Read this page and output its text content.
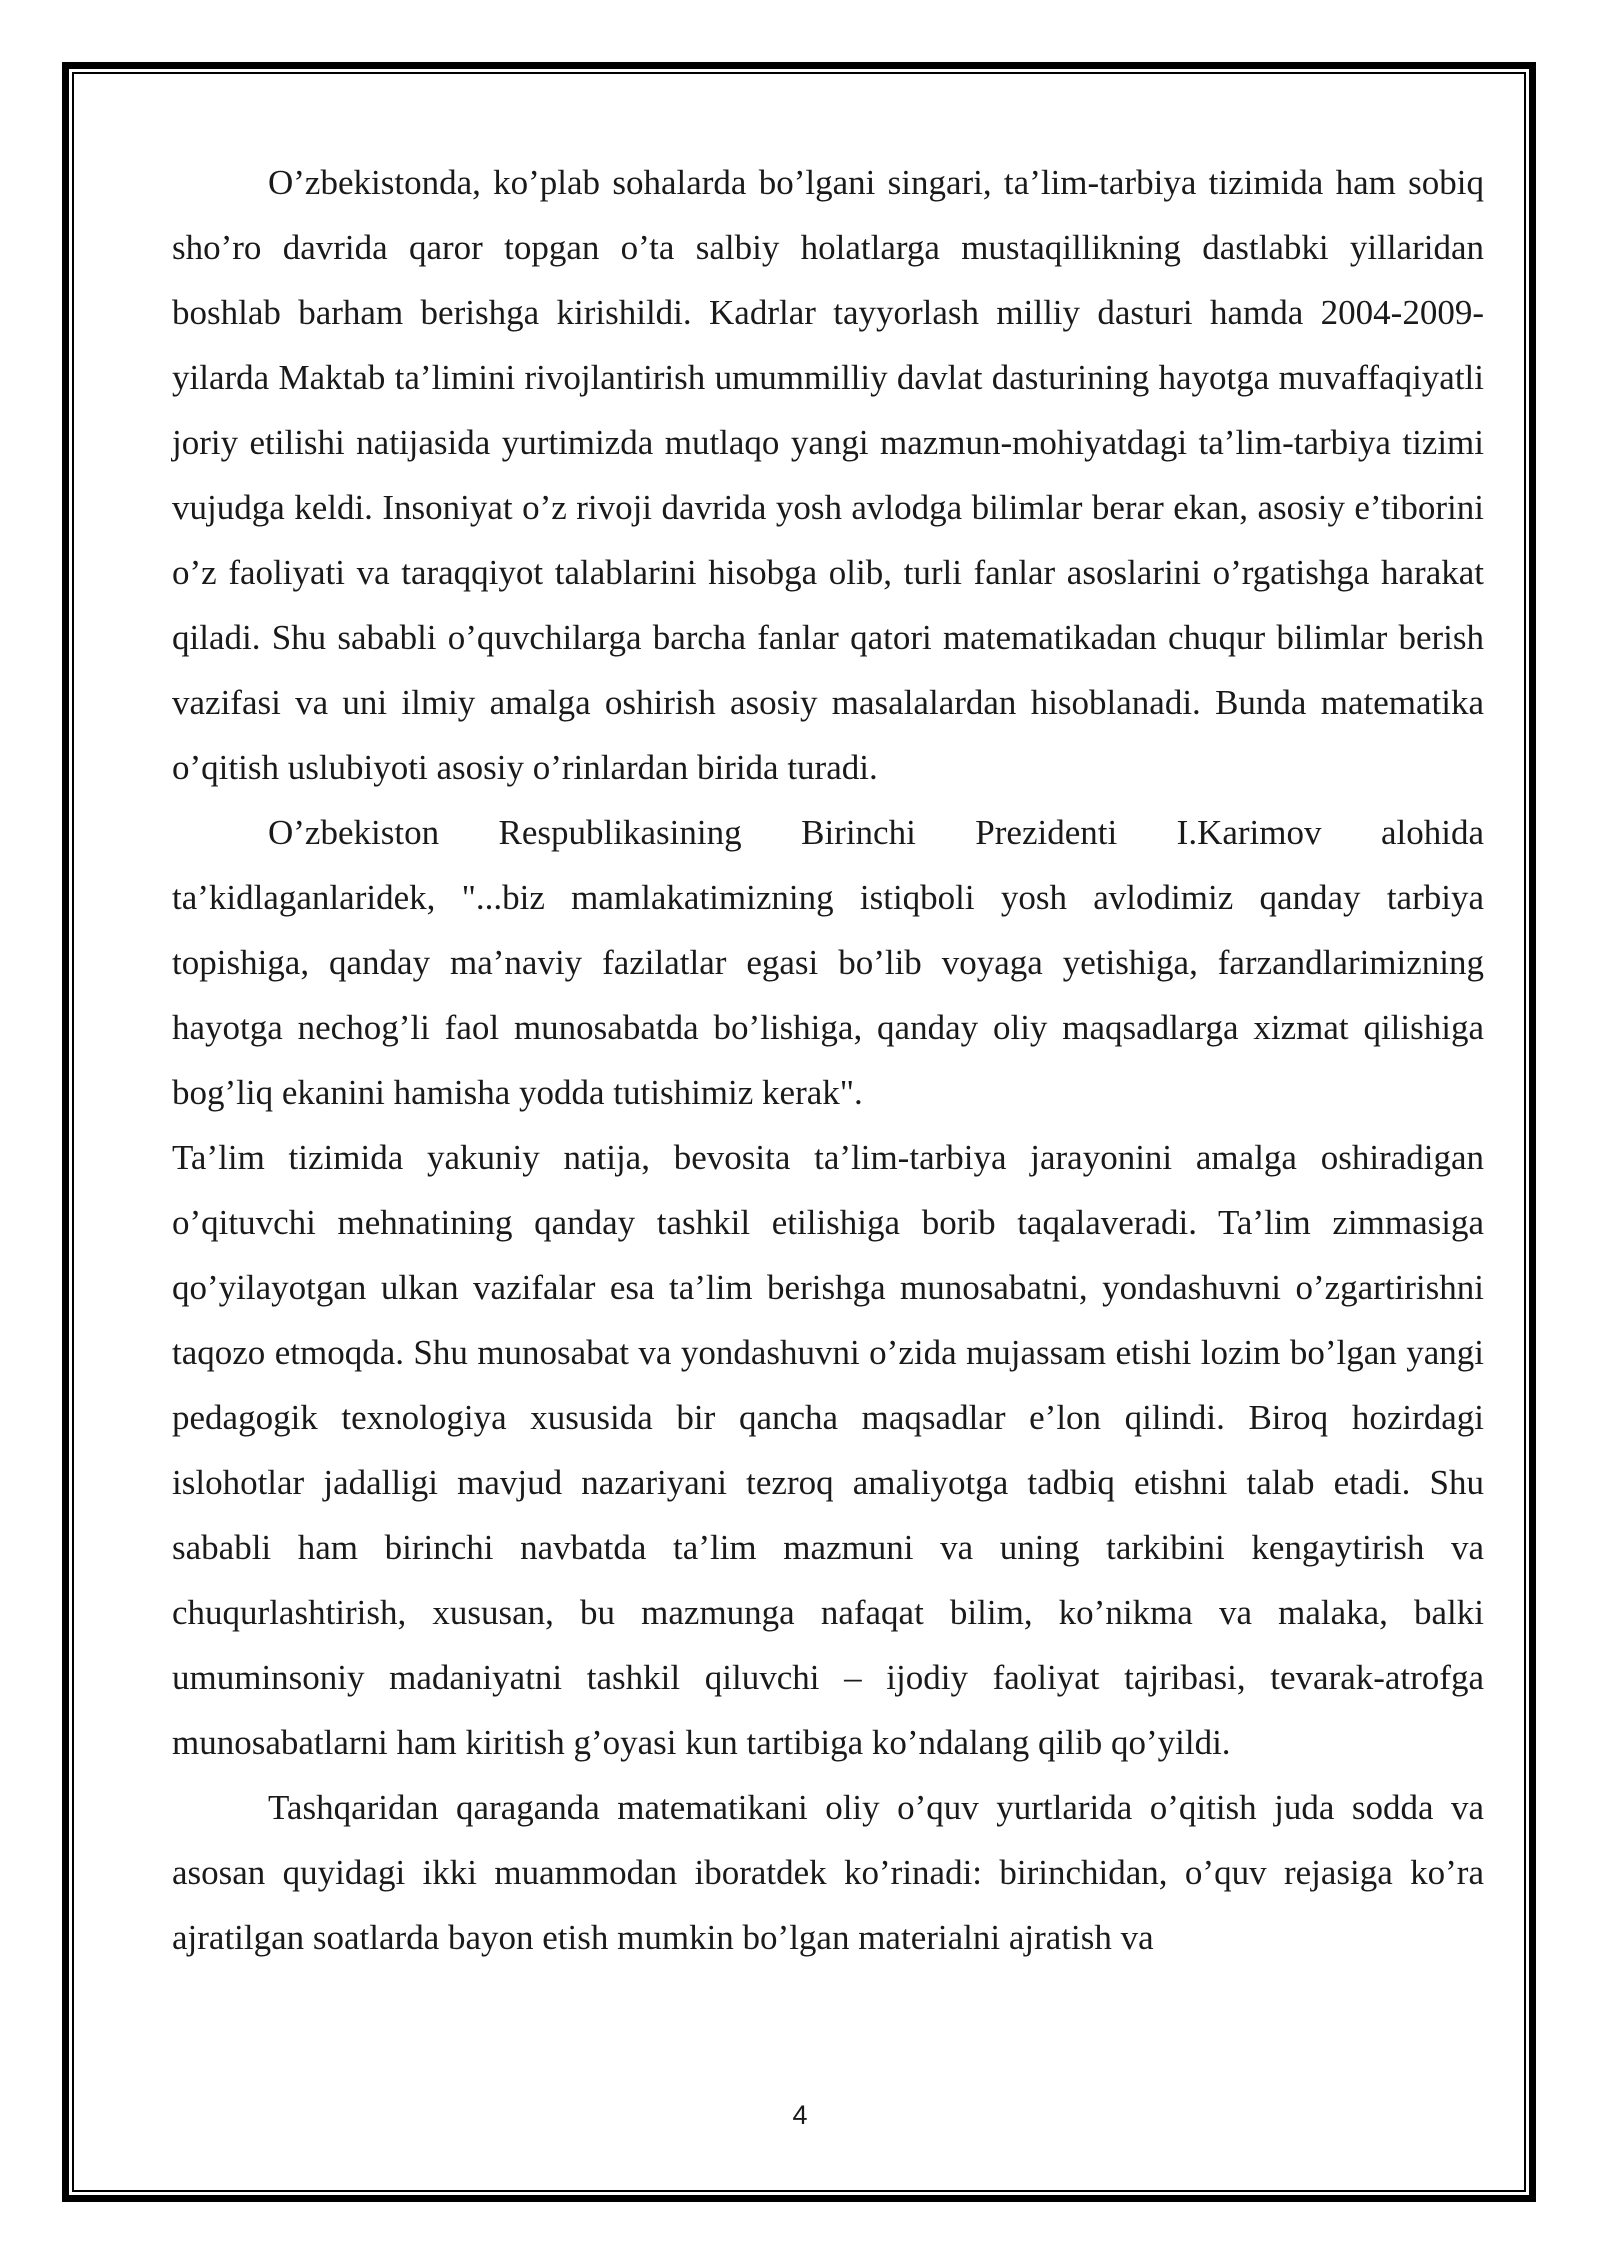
O’zbekistonda, ko’plab sohalarda bo’lgani singari, ta’lim-tarbiya tizimida ham sobiq sho’ro davrida qaror topgan o’ta salbiy holatlarga mustaqillikning dastlabki yillaridan boshlab barham berishga kirishildi. Kadrlar tayyorlash milliy dasturi hamda 2004-2009-yilarda Maktab ta’limini rivojlantirish umummilliy davlat dasturining hayotga muvaffaqiyatli joriy etilishi natijasida yurtimizda mutlaqo yangi mazmun-mohiyatdagi ta’lim-tarbiya tizimi vujudga keldi. Insoniyat o’z rivoji davrida yosh avlodga bilimlar berar ekan, asosiy e’tiborini o’z faoliyati va taraqqiyot talablarini hisobga olib, turli fanlar asoslarini o’rgatishga harakat qiladi. Shu sababli o’quvchilarga barcha fanlar qatori matematikadan chuqur bilimlar berish vazifasi va uni ilmiy amalga oshirish asosiy masalalardan hisoblanadi. Bunda matematika o’qitish uslubiyoti asosiy o’rinlardan birida turadi.

O’zbekiston Respublikasining Birinchi Prezidenti I.Karimov alohida ta’kidlaganlaridek, "...biz mamlakatimizning istiqboli yosh avlodimiz qanday tarbiya topishiga, qanday ma’naviy fazilatlar egasi bo’lib voyaga yetishiga, farzandlarimizning hayotga nechog’li faol munosabatda bo’lishiga, qanday oliy maqsadlarga xizmat qilishiga bog’liq ekanini hamisha yodda tutishimiz kerak".

Ta’lim tizimida yakuniy natija, bevosita ta’lim-tarbiya jarayonini amalga oshiradigan o’qituvchi mehnatining qanday tashkil etilishiga borib taqalaveradi. Ta’lim zimmasiga qo’yilayotgan ulkan vazifalar esa ta’lim berishga munosabatni, yondashuvni o’zgartirishni taqozo etmoqda. Shu munosabat va yondashuvni o’zida mujassam etishi lozim bo’lgan yangi pedagogik texnologiya xususida bir qancha maqsadlar e’lon qilindi. Biroq hozirdagi islohotlar jadalligi mavjud nazariyani tezroq amaliyotga tadbiq etishni talab etadi. Shu sababli ham birinchi navbatda ta’lim mazmuni va uning tarkibini kengaytirish va chuqurlashtirish, xususan, bu mazmunga nafaqat bilim, ko’nikma va malaka, balki umuminsoniy madaniyatni tashkil qiluvchi – ijodiy faoliyat tajribasi, tevarak-atrofga munosabatlarni ham kiritish g’oyasi kun tartibiga ko’ndalang qilib qo’yildi.

Tashqaridan qaraganda matematikani oliy o’quv yurtlarida o’qitish juda sodda va asosan quyidagi ikki muammodan iboratdek ko’rinadi: birinchidan, o’quv rejasiga ko’ra ajratilgan soatlarda bayon etish mumkin bo’lgan materialni ajratish va

4
